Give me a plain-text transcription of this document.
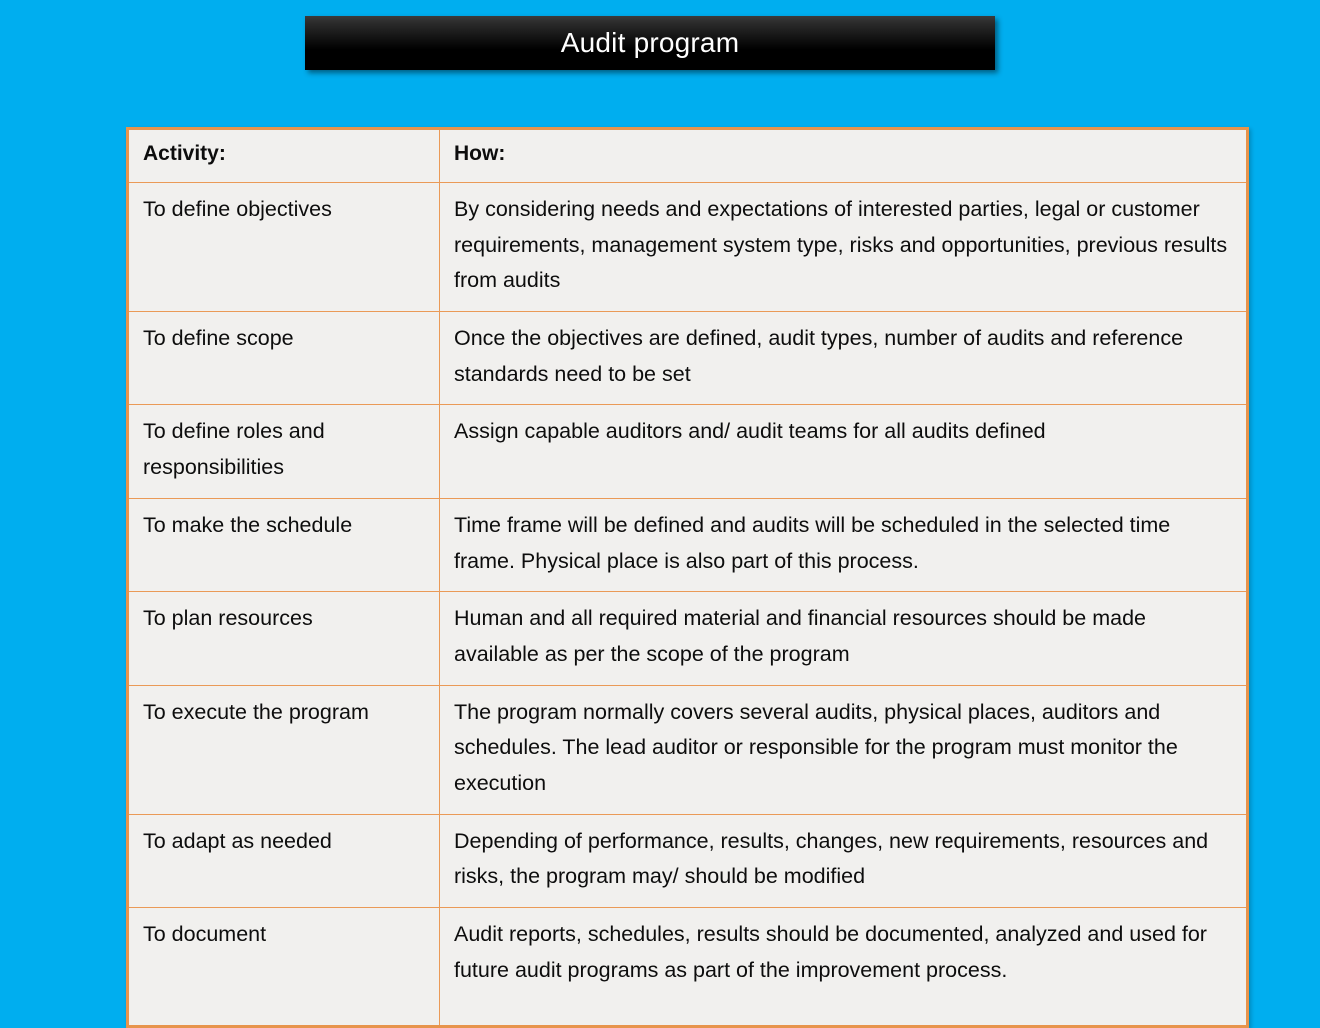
Audit program
Activity:	How:
To define objectives	By considering needs and expectations of interested parties, legal or customer requirements, management system type, risks and opportunities, previous results from audits
To define scope	Once the objectives are defined, audit types, number of audits and reference standards need to be set
To define roles and responsibilities	Assign capable auditors and/ audit teams for all audits defined
To make the schedule	Time frame will be defined and audits will be scheduled in the selected time frame. Physical place is also part of this process.
To plan resources	Human and all required material and financial resources should be made available as per the scope of the program
To execute the program	The program normally covers several audits, physical places, auditors and schedules. The lead auditor or responsible for the program must monitor the execution
To adapt as needed	Depending of performance, results, changes, new requirements, resources and risks, the program may/ should be modified
To document	Audit reports, schedules, results should be documented, analyzed and used for future audit programs as part of the improvement process.
